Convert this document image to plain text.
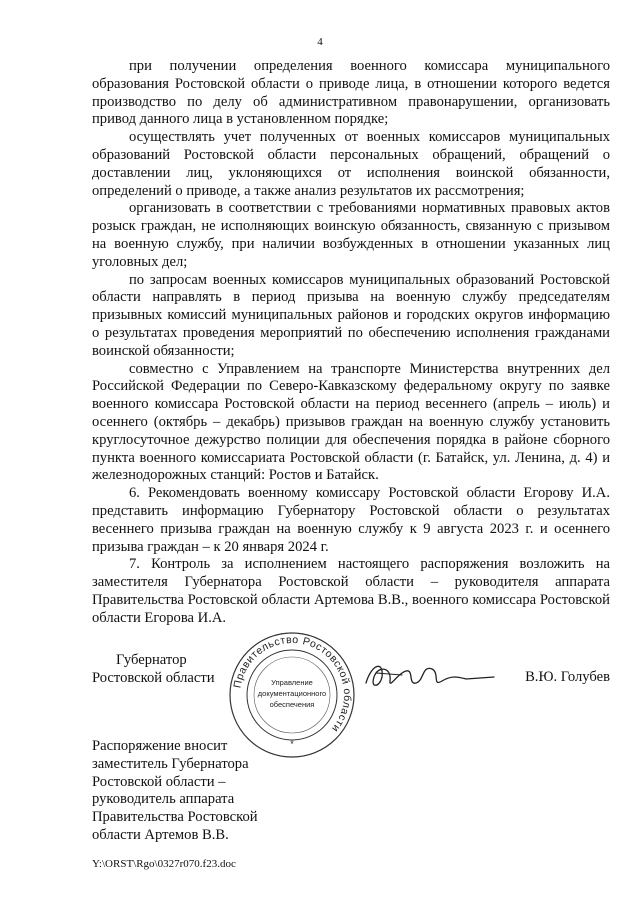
4

при получении определения военного комиссара муниципального образования Ростовской области о приводе лица, в отношении которого ведется производство по делу об административном правонарушении, организовать привод данного лица в установленном порядке;

осуществлять учет полученных от военных комиссаров муниципальных образований Ростовской области персональных обращений, обращений о доставлении лиц, уклоняющихся от исполнения воинской обязанности, определений о приводе, а также анализ результатов их рассмотрения;

организовать в соответствии с требованиями нормативных правовых актов розыск граждан, не исполняющих воинскую обязанность, связанную с призывом на военную службу, при наличии возбужденных в отношении указанных лиц уголовных дел;

по запросам военных комиссаров муниципальных образований Ростовской области направлять в период призыва на военную службу председателям призывных комиссий муниципальных районов и городских округов информацию о результатах проведения мероприятий по обеспечению исполнения гражданами воинской обязанности;

совместно с Управлением на транспорте Министерства внутренних дел Российской Федерации по Северо-Кавказскому федеральному округу по заявке военного комиссара Ростовской области на период весеннего (апрель – июль) и осеннего (октябрь – декабрь) призывов граждан на военную службу установить круглосуточное дежурство полиции для обеспечения порядка в районе сборного пункта военного комиссариата Ростовской области (г. Батайск, ул. Ленина, д. 4) и железнодорожных станций: Ростов и Батайск.

6. Рекомендовать военному комиссару Ростовской области Егорову И.А. представить информацию Губернатору Ростовской области о результатах весеннего призыва граждан на военную службу к 9 августа 2023 г. и осеннего призыва граждан – к 20 января 2024 г.

7. Контроль за исполнением настоящего распоряжения возложить на заместителя Губернатора Ростовской области – руководителя аппарата Правительства Ростовской области Артемова В.В., военного комиссара Ростовской области Егорова И.А.

Губернатор
Ростовской области Правительство Ростовской области
Управление
документационного
обеспечения
*
В.Ю. Голубев
Распоряжение вносит
заместитель Губернатора
Ростовской области –
руководитель аппарата
Правительства Ростовской
области Артемов В.В.
Y:\ORST\Rgo\0327r070.f23.doc
